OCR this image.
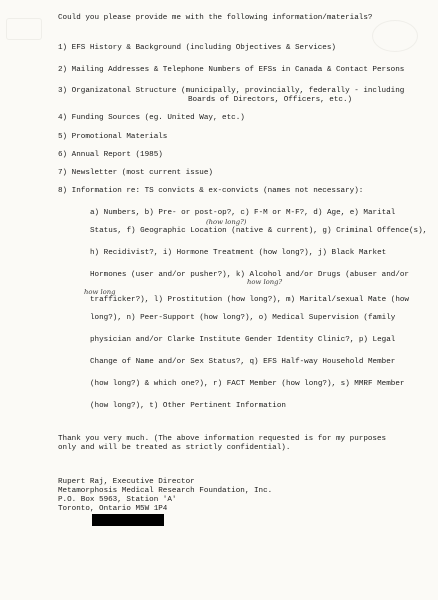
Could you please provide me with the following information/materials?
1) EFS History & Background (including Objectives & Services)
2) Mailing Addresses & Telephone Numbers of EFSs in Canada & Contact Persons
3) Organizatonal Structure (municipally, provincially, federally - including
Boards of Directors, Officers, etc.)
4) Funding Sources (eg. United Way, etc.)
5) Promotional Materials
6) Annual Report (1985)
7) Newsletter (most current issue)
8) Information re: TS convicts & ex-convicts (names not necessary):
a) Numbers, b) Pre- or post-op?, c) F-M or M-F?, d) Age, e) Marital
(how long?)
Status, f) Geographic Location (native & current), g) Criminal Offence(s),
h) Recidivist?, i) Hormone Treatment (how long?), j) Black Market
Hormones (user and/or pusher?), k) Alcohol and/or Drugs (abuser and/or
how long?
how long
trafficker?), l) Prostitution (how long?), m) Marital/sexual Mate (how
long?), n) Peer-Support (how long?), o) Medical Supervision (family
physician and/or Clarke Institute Gender Identity Clinic?, p) Legal
Change of Name and/or Sex Status?, q) EFS Half-way Household Member
(how long?) & which one?), r) FACT Member (how long?), s) MMRF Member
(how long?), t) Other Pertinent Information
Thank you very much. (The above information requested is for my purposes
only and will be treated as strictly confidential).
Rupert Raj, Executive Director
Metamorphosis Medical Research Foundation, Inc.
P.O. Box 5963, Station 'A'
Toronto, Ontario M5W 1P4
